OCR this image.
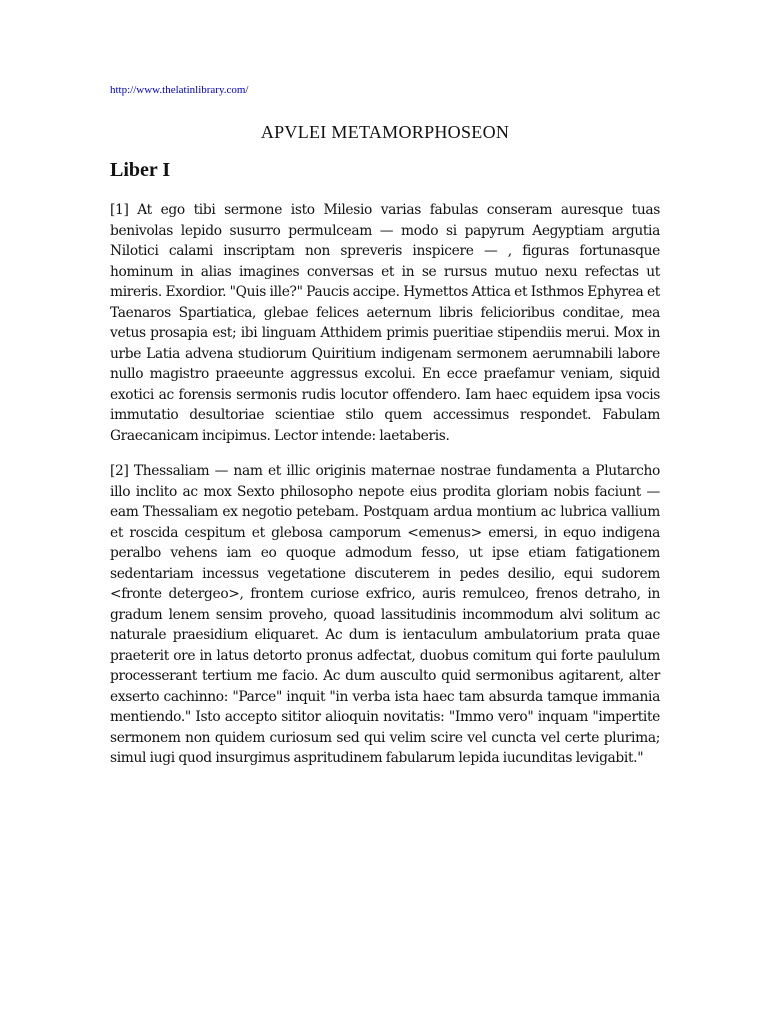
http://www.thelatinlibrary.com/
APVLEI METAMORPHOSEON
Liber I

[1] At ego tibi sermone isto Milesio varias fabulas conseram auresque tuas benivolas lepido susurro permulceam — modo si papyrum Aegyptiam argutia Nilotici calami inscriptam non spreveris inspicere — , figuras fortunasque hominum in alias imagines conversas et in se rursus mutuo nexu refectas ut mireris. Exordior. "Quis ille?" Paucis accipe. Hymettos Attica et Isthmos Ephyrea et Taenaros Spartiatica, glebae felices aeternum libris felicioribus conditae, mea vetus prosapia est; ibi linguam Atthidem primis pueritiae stipendiis merui. Mox in urbe Latia advena studiorum Quiritium indigenam sermonem aerumnabili labore nullo magistro praeeunte aggressus excolui. En ecce praefamur veniam, siquid exotici ac forensis sermonis rudis locutor offendero. Iam haec equidem ipsa vocis immutatio desultoriae scientiae stilo quem accessimus respondet. Fabulam Graecanicam incipimus. Lector intende: laetaberis.

[2] Thessaliam — nam et illic originis maternae nostrae fundamenta a Plutarcho illo inclito ac mox Sexto philosopho nepote eius prodita gloriam nobis faciunt — eam Thessaliam ex negotio petebam. Postquam ardua montium ac lubrica vallium et roscida cespitum et glebosa camporum <emenus> emersi, in equo indigena peralbo vehens iam eo quoque admodum fesso, ut ipse etiam fatigationem sedentariam incessus vegetatione discuterem in pedes desilio, equi sudorem <fronte detergeo>, frontem curiose exfrico, auris remulceo, frenos detraho, in gradum lenem sensim proveho, quoad lassitudinis incommodum alvi solitum ac naturale praesidium eliquaret. Ac dum is ientaculum ambulatorium prata quae praeterit ore in latus detorto pronus adfectat, duobus comitum qui forte paululum processerant tertium me facio. Ac dum ausculto quid sermonibus agitarent, alter exserto cachinno: "Parce" inquit "in verba ista haec tam absurda tamque immania mentiendo." Isto accepto sititor alioquin novitatis: "Immo vero" inquam "impertite sermonem non quidem curiosum sed qui velim scire vel cuncta vel certe plurima; simul iugi quod insurgimus aspritudinem fabularum lepida iucunditas levigabit."
